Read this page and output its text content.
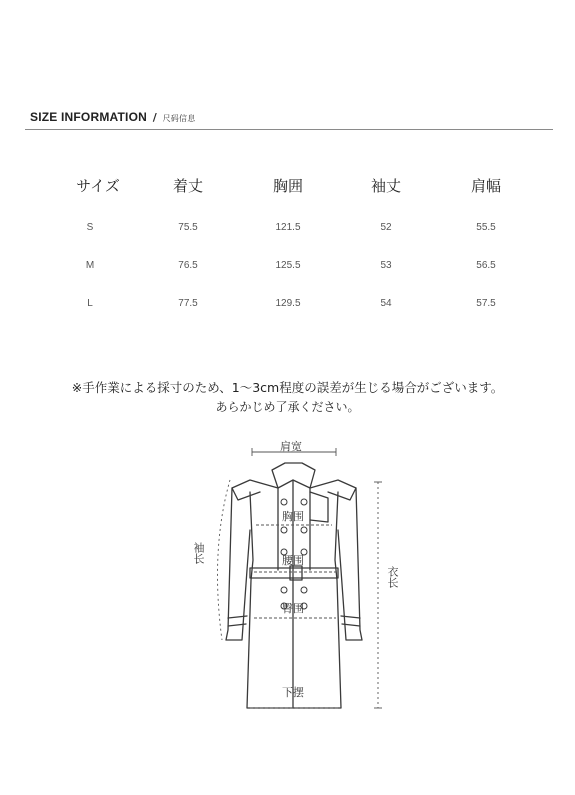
SIZE INFORMATION / 尺码信息
サイズ	着丈	胸囲	袖丈	肩幅
S	75.5	121.5	52	55.5
M	76.5	125.5	53	56.5
L	77.5	129.5	54	57.5
※手作業による採寸のため、1〜3cm程度の誤差が生じる場合がございます。
あらかじめ了承ください。
肩宽
胸围
腰围
臀围
下摆
袖长
衣长
